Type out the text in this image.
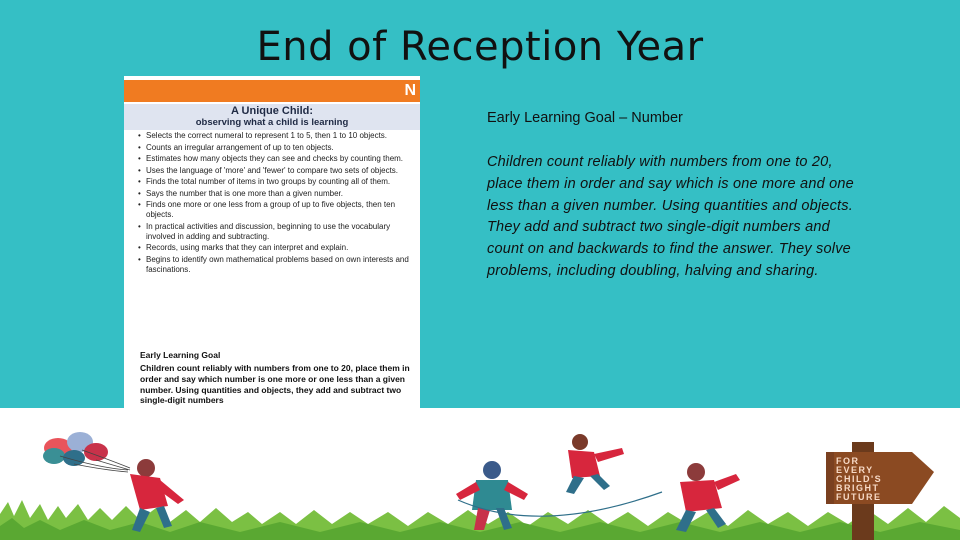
End of Reception Year
N
A Unique Child:
observing what a child is learning
• Selects the correct numeral to represent 1 to 5, then 1 to 10 objects.
• Counts an irregular arrangement of up to ten objects.
• Estimates how many objects they can see and checks by counting them.
• Uses the language of 'more' and 'fewer' to compare two sets of objects.
• Finds the total number of items in two groups by counting all of them.
• Says the number that is one more than a given number.
• Finds one more or one less from a group of up to five objects, then ten objects.
• In practical activities and discussion, beginning to use the vocabulary involved in adding and subtracting.
• Records, using marks that they can interpret and explain.
• Begins to identify own mathematical problems based on own interests and fascinations.
Early Learning Goal
Children count reliably with numbers from one to 20, place them in order and say which number is one more or one less than a given number. Using quantities and objects, they add and subtract two single-digit numbers
Early Learning Goal – Number
Children count reliably with numbers from one to 20, place them in order and say which is one more and one less than a given number. Using quantities and objects. They add and subtract two single-digit numbers and count on and backwards to find the answer. They solve problems, including doubling, halving and sharing.
FOR
EVERY
CHILD'S
BRIGHT
FUTURE
